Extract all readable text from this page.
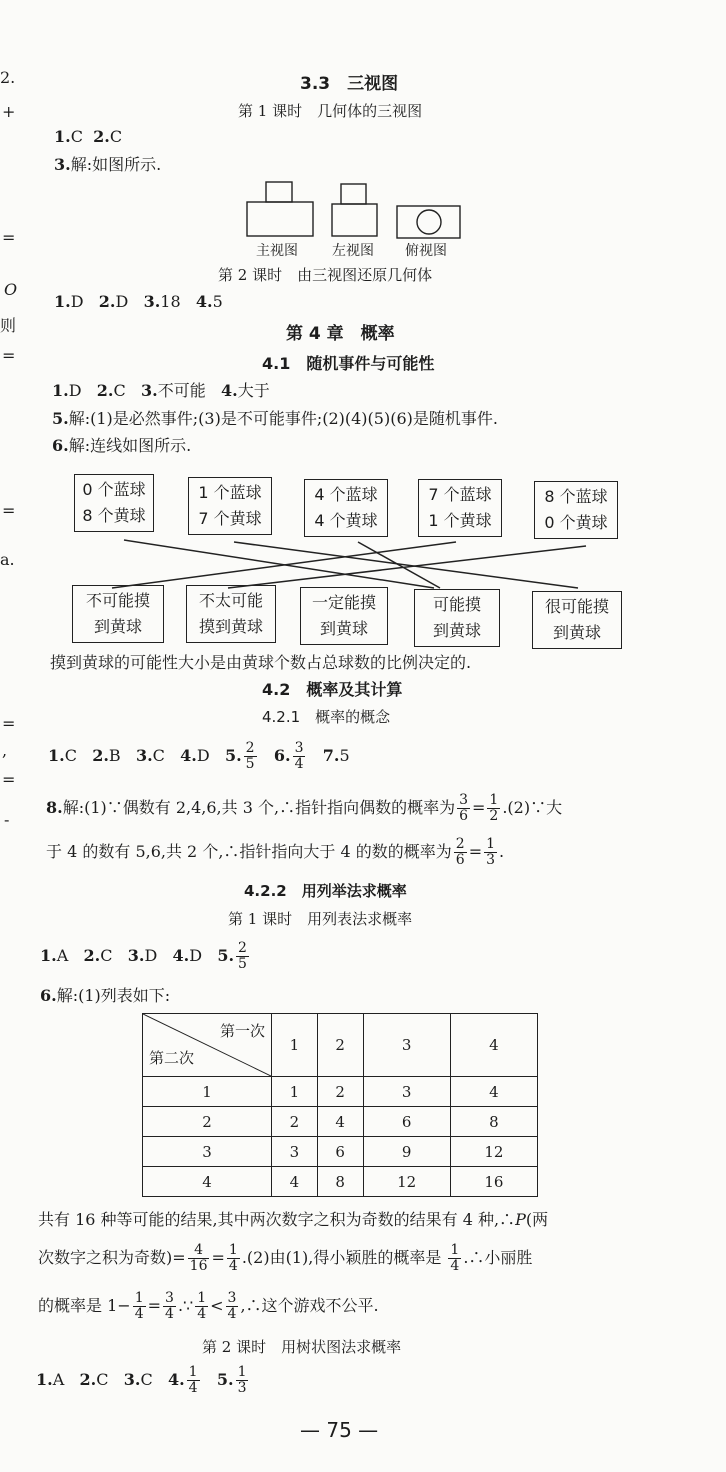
2.
+
=
O
则
=
=
a.
=
,
=
-
3.3　三视图
第 1 课时　几何体的三视图
1.C 2.C
3.解:如图所示.
主视图 左视图 俯视图
第 2 课时　由三视图还原几何体
1.D 2.D 3.18 4.5
第 4 章　概率
4.1　随机事件与可能性
1.D 2.C 3.不可能 4.大于
5.解:(1)是必然事件;(3)是不可能事件;(2)(4)(5)(6)是随机事件.
6.解:连线如图所示.
0 个蓝球
8 个黄球
1 个蓝球
7 个黄球
4 个蓝球
4 个黄球
7 个蓝球
1 个黄球
8 个蓝球
0 个黄球
不可能摸
到黄球
不太可能
摸到黄球
一定能摸
到黄球
可能摸
到黄球
很可能摸
到黄球
摸到黄球的可能性大小是由黄球个数占总球数的比例决定的.
4.2　概率及其计算
4.2.1　概率的概念
1.C 2.B 3.C 4.D 5. $\frac{2}{5} 6$. $\frac{3}{4} 7.5$
8.解:(1)∵偶数有 2,4,6,共 3 个,∴指针指向偶数的概率为 $\frac{3}{6} = \frac{1}{2}$ .(2)∵大
于 4 的数有 5,6,共 2 个,∴指针指向大于 4 的数的概率为 $\frac{2}{6} = \frac{1}{3}$ .
4.2.2　用列举法求概率
第 1 课时　用列表法求概率
1.A 2.C 3.D 4.D 5. $\frac{2}{5}$
6.解:(1)列表如下:
第一次
第二次	1	2	3	4
1	1	2	3	4
2	2	4	6	8
3	3	6	9	12
4	4	8	12	16
共有 16 种等可能的结果,其中两次数字之积为奇数的结果有 4 种,∴P(两
次数字之积为奇数)= $\frac{4}{16} = \frac{1}{4} .(2)$由(1),得小颖胜的概率是 $\frac{1}{4}$ .∴小丽胜
的概率是 $1- \frac{1}{4} = \frac{3}{4}$ .∵ $\frac{1}{4} < \frac{3}{4}$ ,∴这个游戏不公平.
第 2 课时　用树状图法求概率
1.A 2.C 3.C 4. $\frac{1}{4} 5$. $\frac{1}{3}$
— 75 —
